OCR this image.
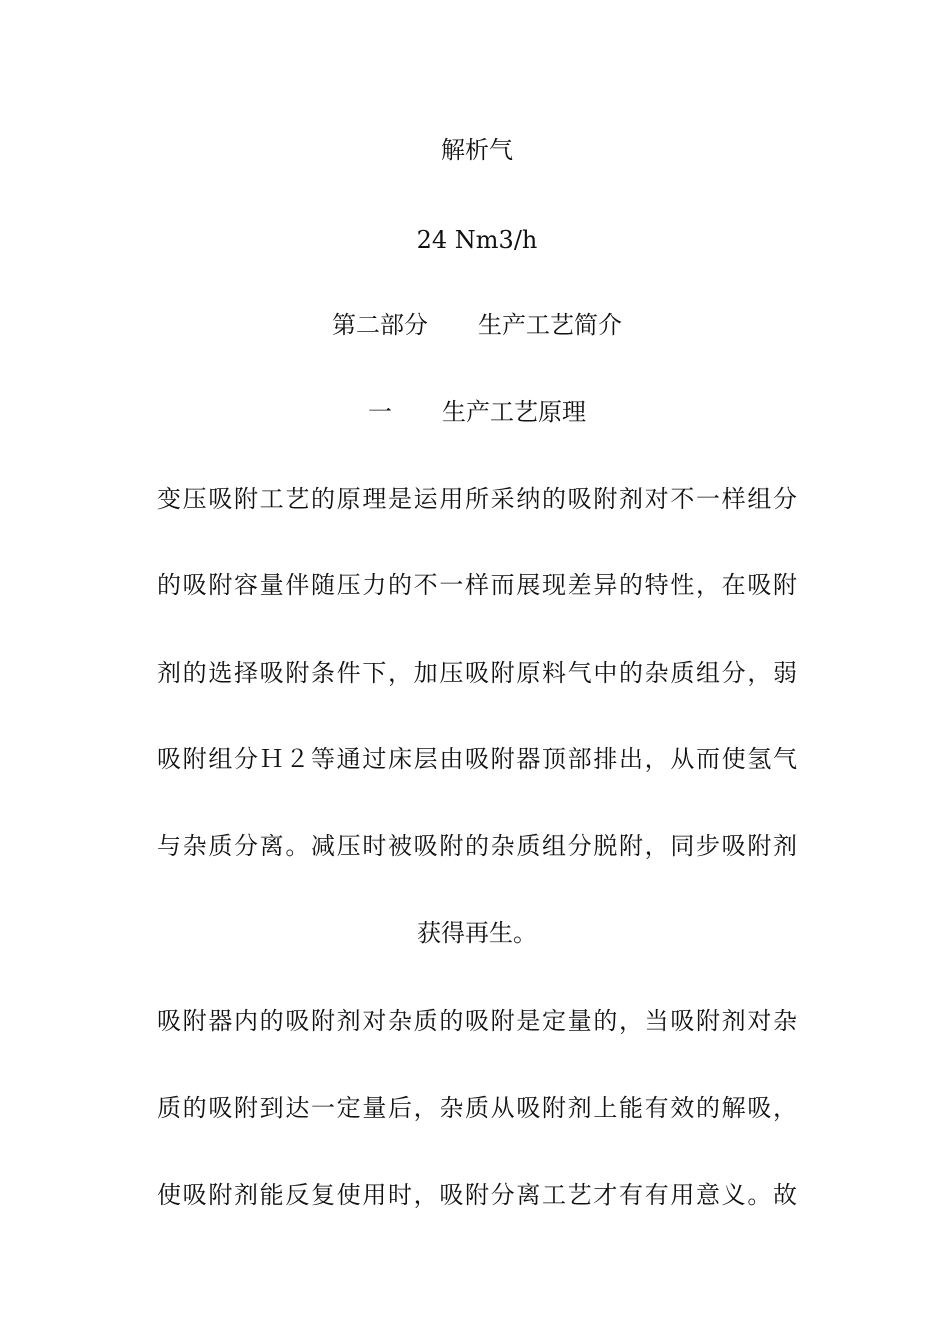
解析气
24 Nm3/h
第二部分 生产工艺简介
一 生产工艺原理
变压吸附工艺的原理是运用所采纳的吸附剂对不一样组分
的吸附容量伴随压力的不一样而展现差异的特性，在吸附
剂的选择吸附条件下，加压吸附原料气中的杂质组分，弱
吸附组分Ｈ２等通过床层由吸附器顶部排出，从而使氢气
与杂质分离。减压时被吸附的杂质组分脱附，同步吸附剂
获得再生。
吸附器内的吸附剂对杂质的吸附是定量的，当吸附剂对杂
质的吸附到达一定量后，杂质从吸附剂上能有效的解吸，
使吸附剂能反复使用时，吸附分离工艺才有有用意义。故
